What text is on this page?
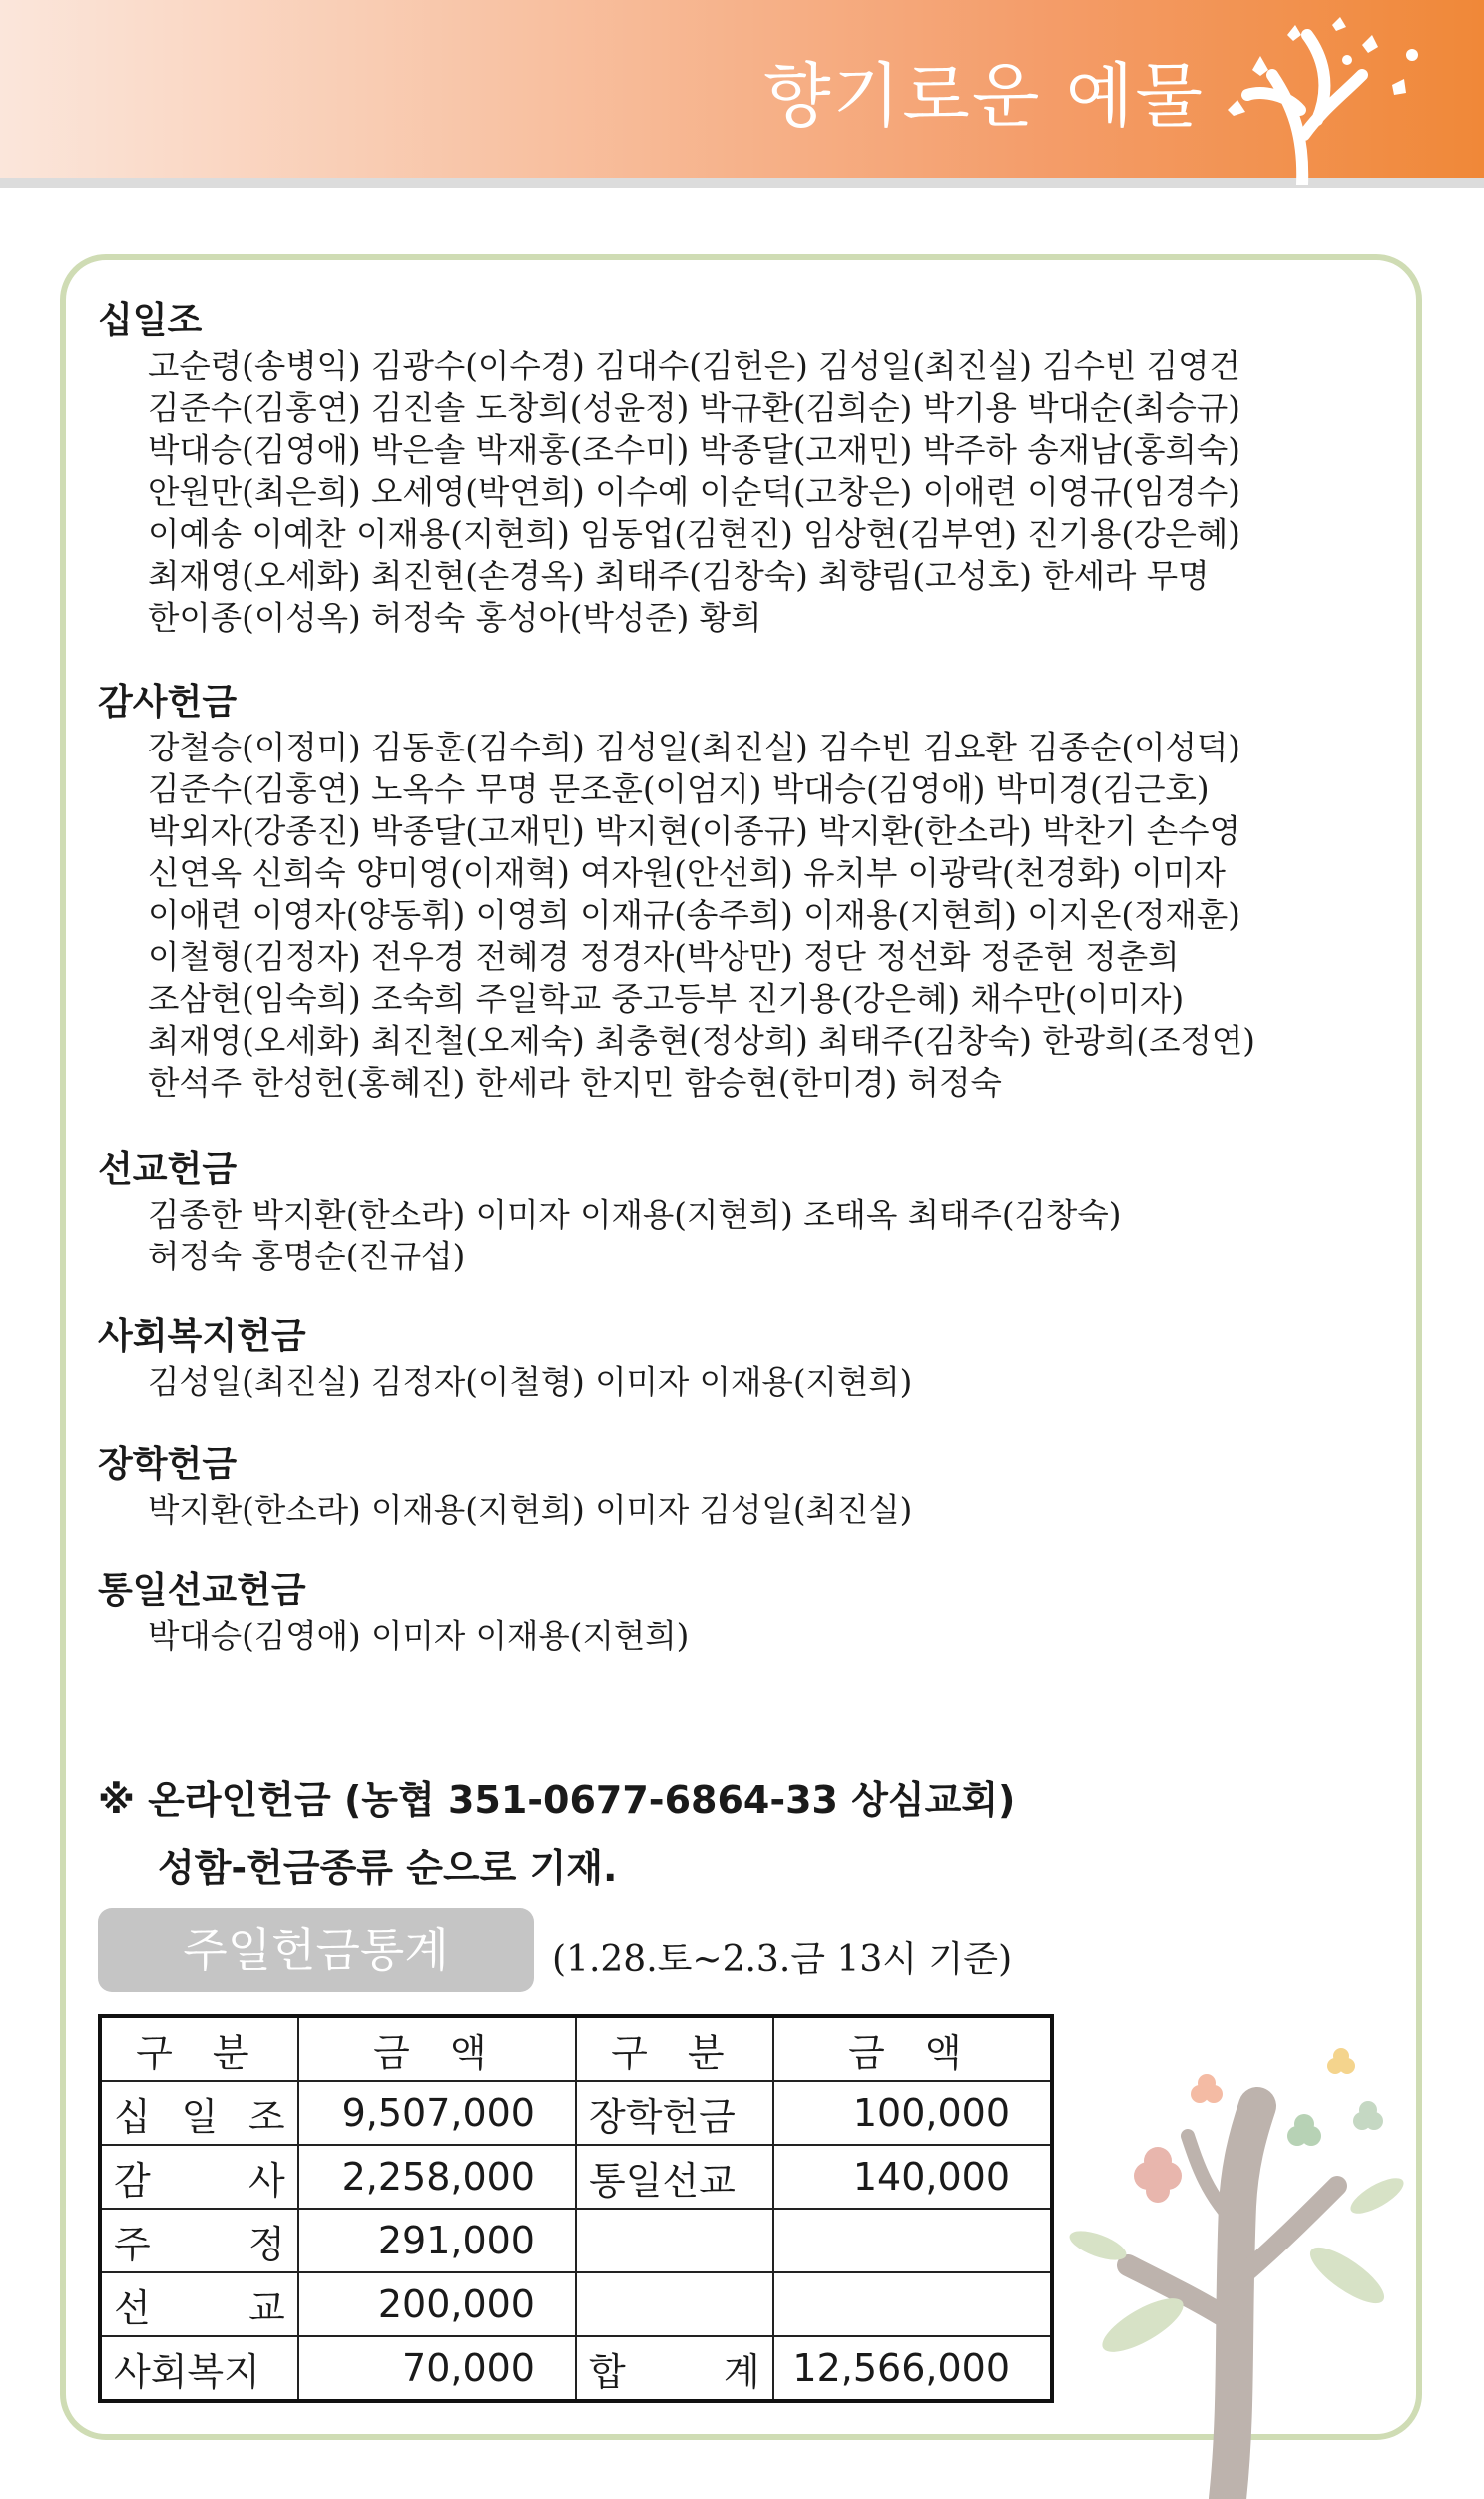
향기로운 예물
십일조
고순령(송병익) 김광수(이수경) 김대수(김헌은) 김성일(최진실) 김수빈 김영건
김준수(김홍연) 김진솔 도창희(성윤정) 박규환(김희순) 박기용 박대순(최승규)
박대승(김영애) 박은솔 박재홍(조수미) 박종달(고재민) 박주하 송재남(홍희숙)
안원만(최은희) 오세영(박연희) 이수예 이순덕(고창은) 이애련 이영규(임경수)
이예송 이예찬 이재용(지현희) 임동업(김현진) 임상현(김부연) 진기용(강은혜)
최재영(오세화) 최진현(손경옥) 최태주(김창숙) 최향림(고성호) 한세라 무명
한이종(이성옥) 허정숙 홍성아(박성준) 황희
감사헌금
강철승(이정미) 김동훈(김수희) 김성일(최진실) 김수빈 김요환 김종순(이성덕)
김준수(김홍연) 노옥수 무명 문조훈(이엄지) 박대승(김영애) 박미경(김근호)
박외자(강종진) 박종달(고재민) 박지현(이종규) 박지환(한소라) 박찬기 손수영
신연옥 신희숙 양미영(이재혁) 여자원(안선희) 유치부 이광락(천경화) 이미자
이애련 이영자(양동휘) 이영희 이재규(송주희) 이재용(지현희) 이지온(정재훈)
이철형(김정자) 전우경 전혜경 정경자(박상만) 정단 정선화 정준현 정춘희
조삼현(임숙희) 조숙희 주일학교 중고등부 진기용(강은혜) 채수만(이미자)
최재영(오세화) 최진철(오제숙) 최충현(정상희) 최태주(김창숙) 한광희(조정연)
한석주 한성헌(홍혜진) 한세라 한지민 함승현(한미경) 허정숙
선교헌금
김종한 박지환(한소라) 이미자 이재용(지현희) 조태옥 최태주(김창숙)
허정숙 홍명순(진규섭)
사회복지헌금
김성일(최진실) 김정자(이철형) 이미자 이재용(지현희)
장학헌금
박지환(한소라) 이재용(지현희) 이미자 김성일(최진실)
통일선교헌금
박대승(김영애) 이미자 이재용(지현희)
※ 온라인헌금 (농협 351-0677-6864-33 상심교회)
성함-헌금종류 순으로 기재.
주일헌금통계	(1.28.토~2.3.금 13시 기준)
구 분	금 액	구 분	금 액
십 일 조	9,507,000	장학헌금	100,000
감 사	2,258,000	통일선교	140,000
주 정	291,000		
선 교	200,000		
사회복지	70,000	합 계	12,566,000
